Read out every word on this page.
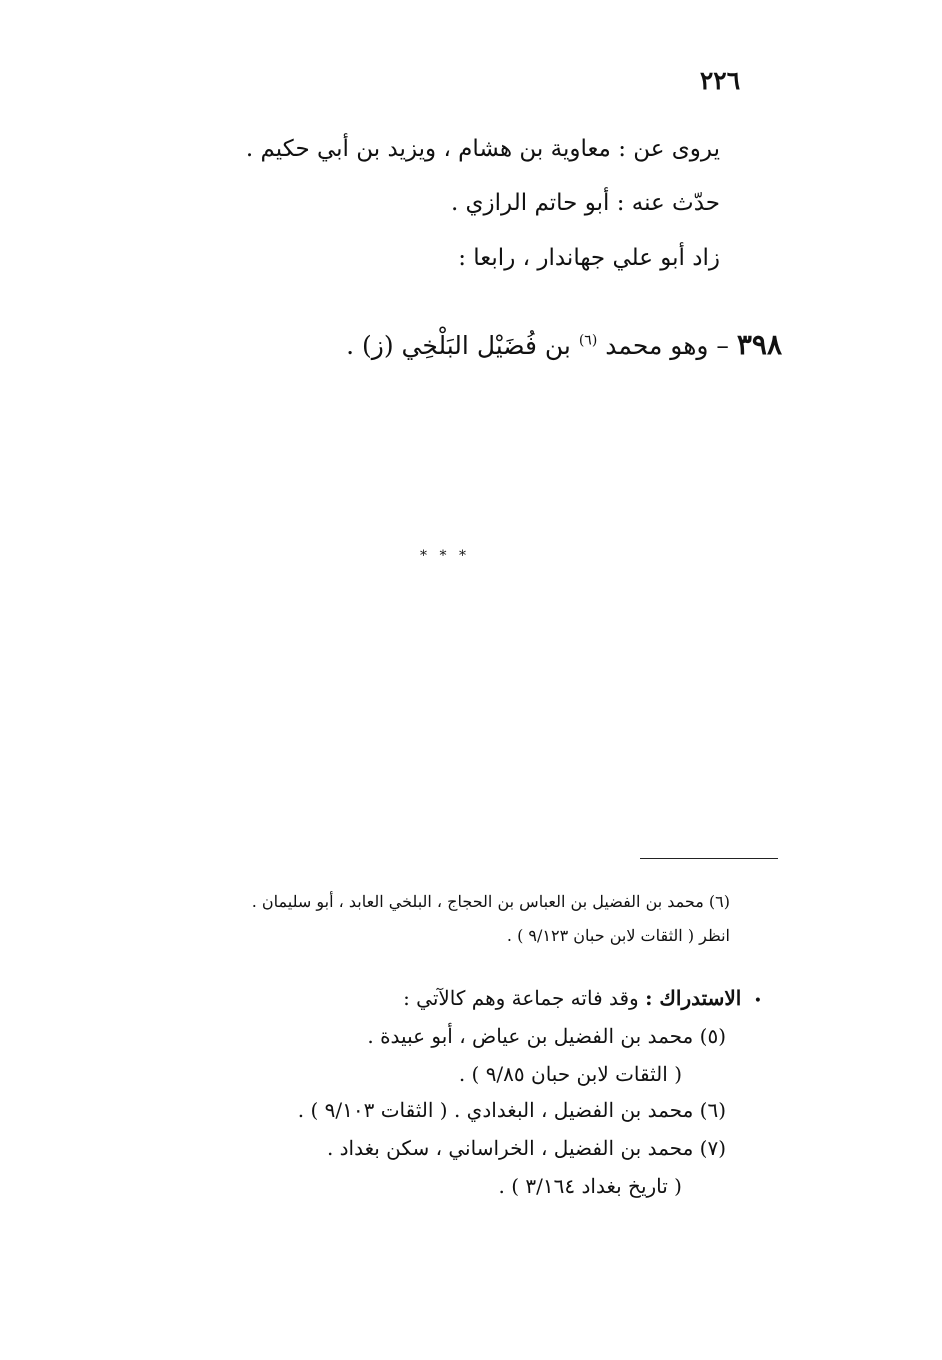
٢٢٦
يروى عن : معاوية بن هشام ، ويزيد بن أبي حكيم .
حدّث عنه : أبو حاتم الرازي .
زاد أبو علي جهاندار ، رابعا :
٣٩٨ – وهو محمد $^{(٦)}$ بن فُضَيْل البَلْخِي (ز) .
* * *
(٦) محمد بن الفضيل بن العباس بن الحجاج ، البلخي العابد ، أبو سليمان .
انظر ( الثقات لابن حبان ٩/١٢٣ ) .
• الاستدراك : وقد فاته جماعة وهم كالآتي :
(٥) محمد بن الفضيل بن عياض ، أبو عبيدة .
( الثقات لابن حبان ٩/٨٥ ) .
(٦) محمد بن الفضيل ، البغدادي . ( الثقات ٩/١٠٣ ) .
(٧) محمد بن الفضيل ، الخراساني ، سكن بغداد .
( تاريخ بغداد ٣/١٦٤ ) .
